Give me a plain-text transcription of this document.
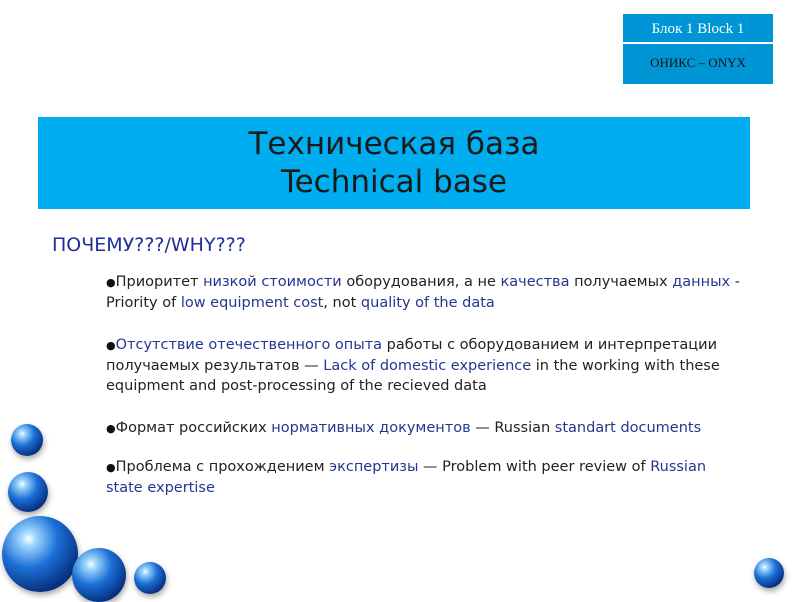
Блок 1 Block 1
ОНИКС – ONYX
Техническая база
Technical base
ПОЧЕМУ???/WHY???
●Приоритет низкой стоимости оборудования, а не качества получаемых данных - Priority of low equipment cost, not quality of the data
●Отсутствие отечественного опыта работы с оборудованием и интерпретации получаемых результатов — Lack of domestic experience in the working with these equipment and post-processing of the recieved data
●Формат российских нормативных документов — Russian standart documents
●Проблема с прохождением экспертизы — Problem with peer review of Russian state expertise
